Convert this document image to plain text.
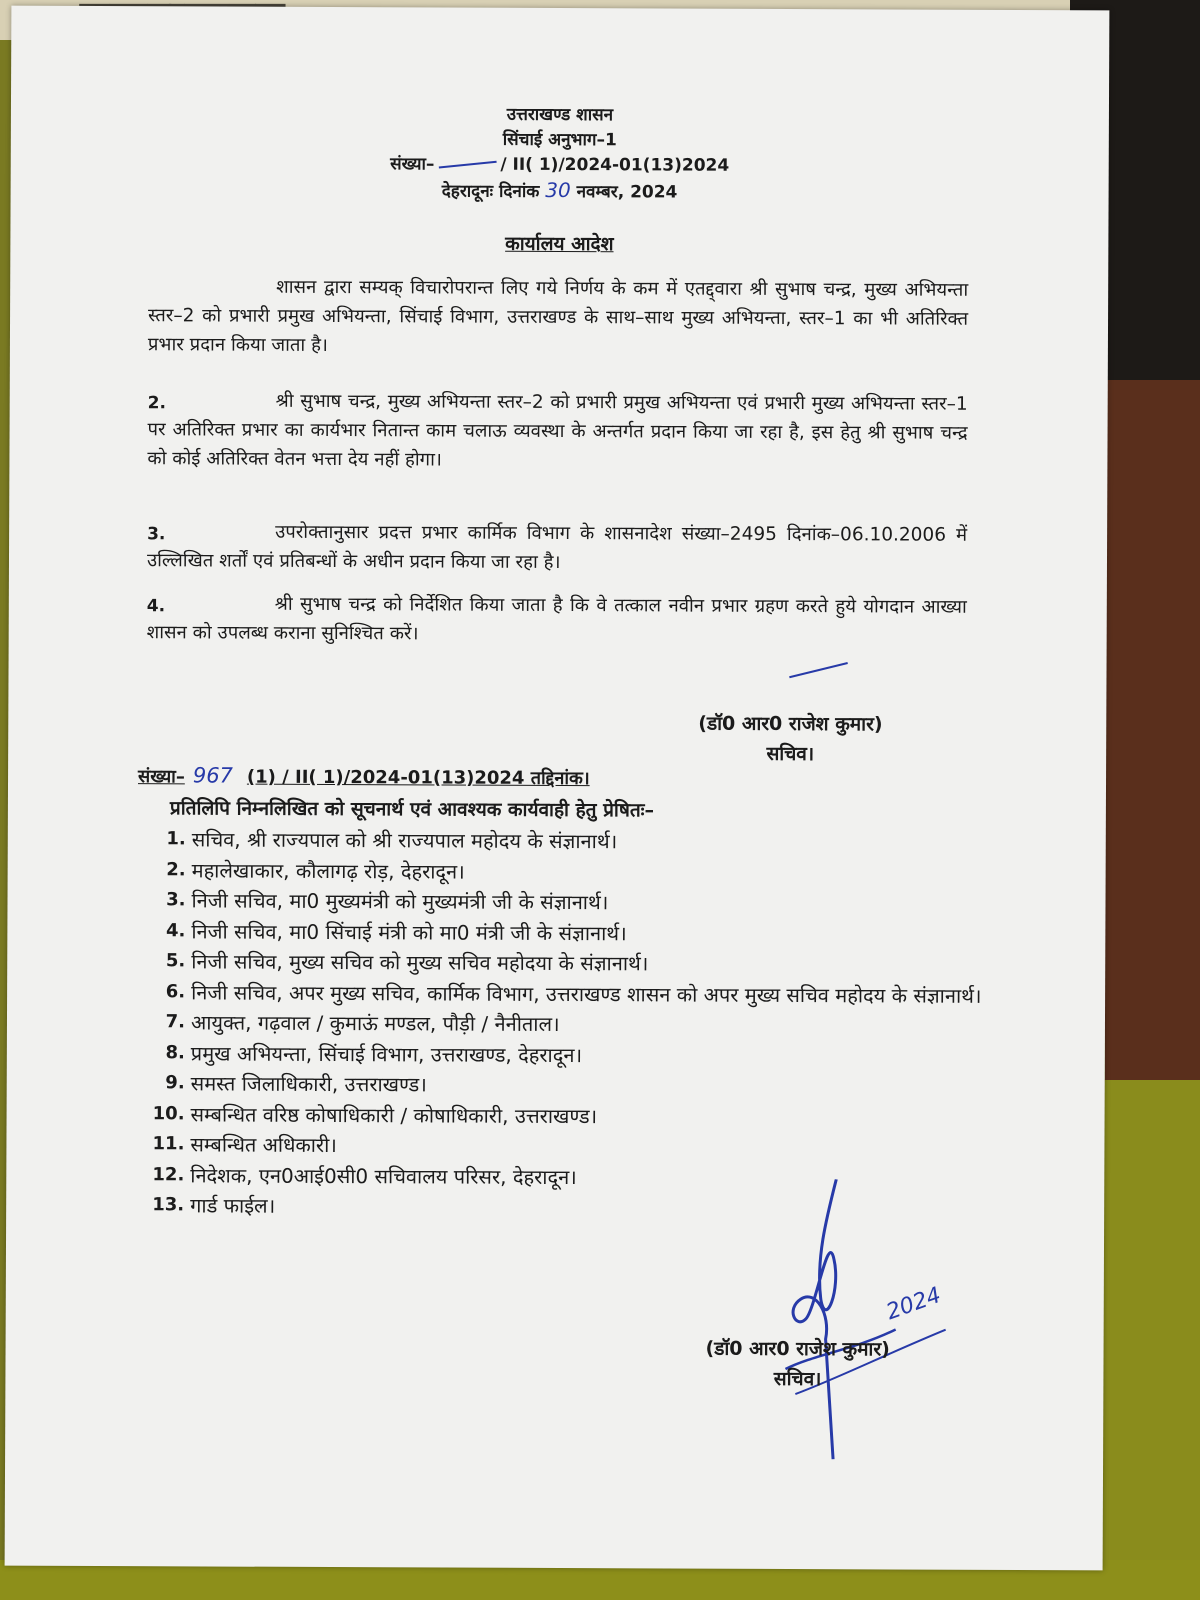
उत्तराखण्ड शासन
सिंचाई अनुभाग–1
संख्या–	/ II( 1)/2024-01(13)2024
देहरादूनः दिनांक 30 नवम्बर, 2024
कार्यालय आदेश
शासन द्वारा सम्यक् विचारोपरान्त लिए गये निर्णय के कम में एतद्द्वारा श्री सुभाष चन्द्र, मुख्य अभियन्ता स्तर–2 को प्रभारी प्रमुख अभियन्ता, सिंचाई विभाग, उत्तराखण्ड के साथ–साथ मुख्य अभियन्ता, स्तर–1 का भी अतिरिक्त प्रभार प्रदान किया जाता है।
2.	श्री सुभाष चन्द्र, मुख्य अभियन्ता स्तर–2 को प्रभारी प्रमुख अभियन्ता एवं प्रभारी मुख्य अभियन्ता स्तर–1 पर अतिरिक्त प्रभार का कार्यभार नितान्त काम चलाऊ व्यवस्था के अन्तर्गत प्रदान किया जा रहा है, इस हेतु श्री सुभाष चन्द्र को कोई अतिरिक्त वेतन भत्ता देय नहीं होगा।
3.	उपरोक्तानुसार प्रदत्त प्रभार कार्मिक विभाग के शासनादेश संख्या–2495 दिनांक–06.10.2006 में उल्लिखित शर्तों एवं प्रतिबन्धों के अधीन प्रदान किया जा रहा है।
4.	श्री सुभाष चन्द्र को निर्देशित किया जाता है कि वे तत्काल नवीन प्रभार ग्रहण करते हुये योगदान आख्या शासन को उपलब्ध कराना सुनिश्चित करें।
(डॉ0 आर0 राजेश कुमार)
सचिव।
संख्या– 967 (1) / II( 1)/2024-01(13)2024 तद्दिनांक।
प्रतिलिपि निम्नलिखित को सूचनार्थ एवं आवश्यक कार्यवाही हेतु प्रेषितः–
1. सचिव, श्री राज्यपाल को श्री राज्यपाल महोदय के संज्ञानार्थ।
2. महालेखाकार, कौलागढ़ रोड़, देहरादून।
3. निजी सचिव, मा0 मुख्यमंत्री को मुख्यमंत्री जी के संज्ञानार्थ।
4. निजी सचिव, मा0 सिंचाई मंत्री को मा0 मंत्री जी के संज्ञानार्थ।
5. निजी सचिव, मुख्य सचिव को मुख्य सचिव महोदया के संज्ञानार्थ।
6. निजी सचिव, अपर मुख्य सचिव, कार्मिक विभाग, उत्तराखण्ड शासन को अपर मुख्य सचिव महोदय के संज्ञानार्थ।
7. आयुक्त, गढ़वाल / कुमाऊं मण्डल, पौड़ी / नैनीताल।
8. प्रमुख अभियन्ता, सिंचाई विभाग, उत्तराखण्ड, देहरादून।
9. समस्त जिलाधिकारी, उत्तराखण्ड।
10. सम्बन्धित वरिष्ठ कोषाधिकारी / कोषाधिकारी, उत्तराखण्ड।
11. सम्बन्धित अधिकारी।
12. निदेशक, एन0आई0सी0 सचिवालय परिसर, देहरादून।
13. गार्ड फाईल।
2024
(डॉ0 आर0 राजेश कुमार)
सचिव।
